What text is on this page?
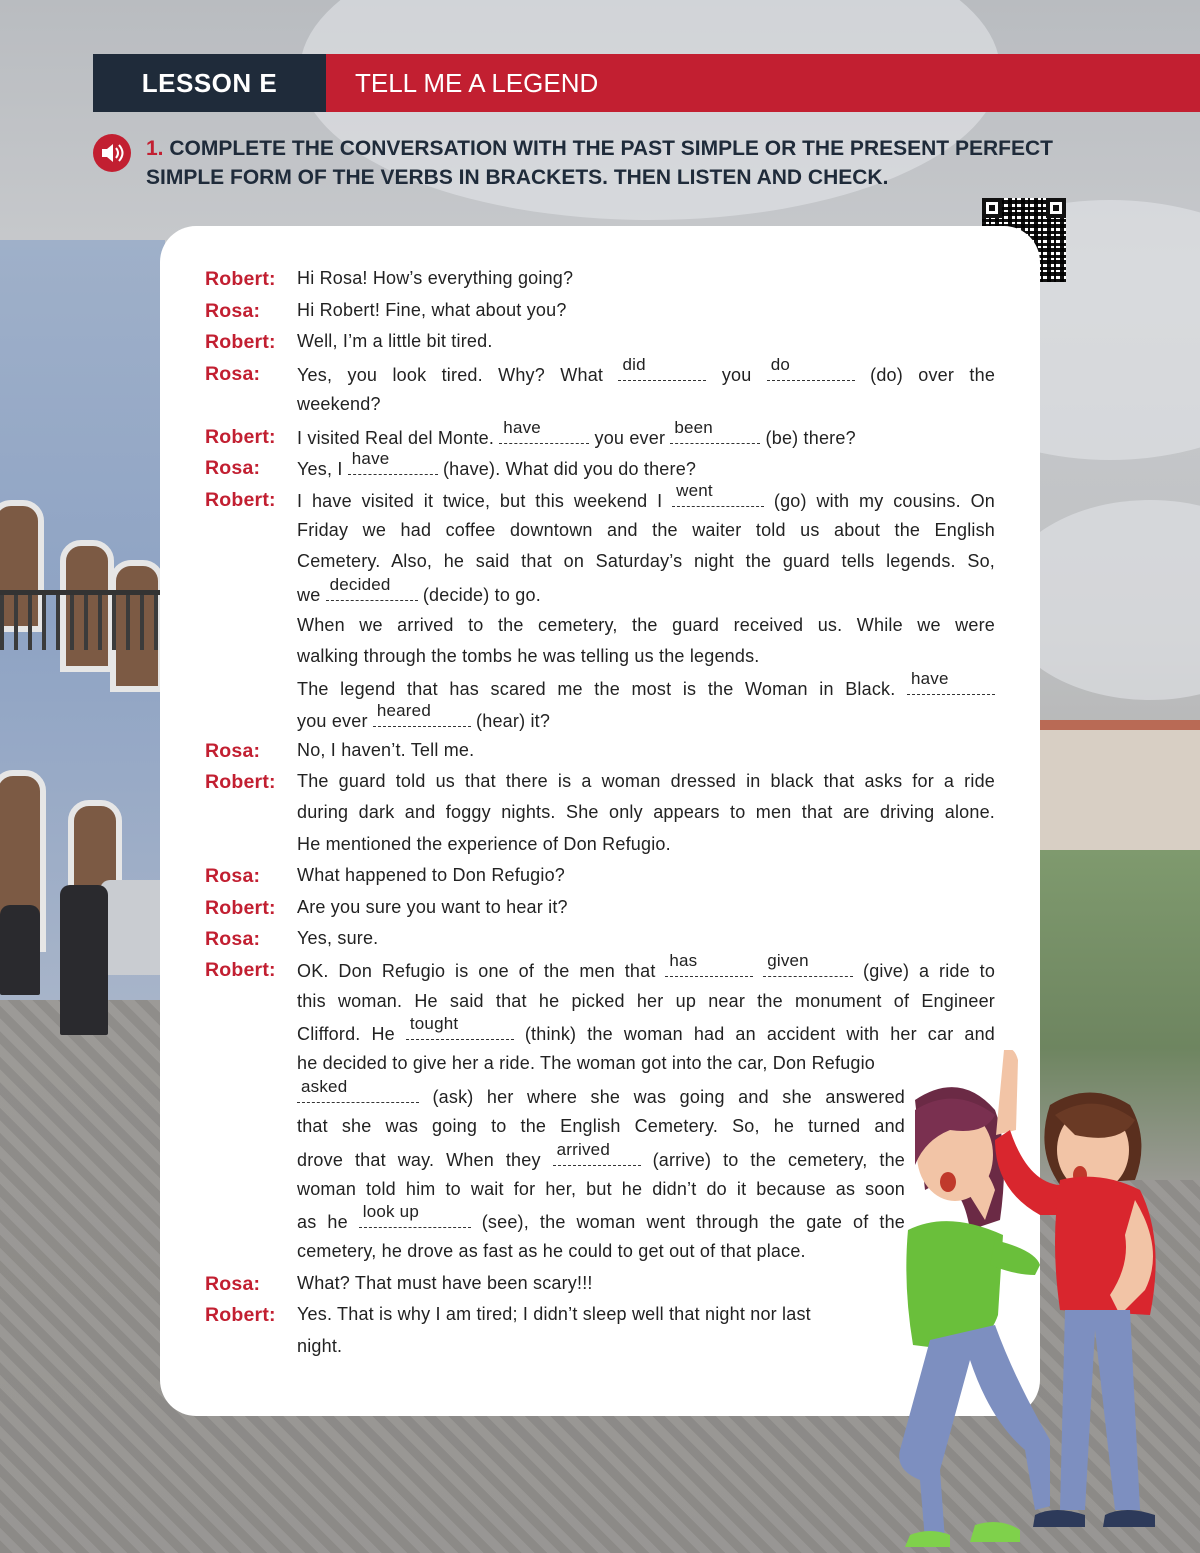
LESSON E	TELL ME A LEGEND
1. COMPLETE THE CONVERSATION WITH THE PAST SIMPLE OR THE PRESENT PERFECT
SIMPLE FORM OF THE VERBS IN BRACKETS. THEN LISTEN AND CHECK.
Robert:	Hi Rosa! How’s everything going?
Rosa:	Hi Robert! Fine, what about you?
Robert:	Well, I’m a little bit tired.
Rosa:	Yes, you look tired. Why? What
did
you
do
(do) over the
weekend?
Robert:	I visited Real del Monte.
have
you ever
been
(be) there?
Rosa:	Yes, I
have
(have). What did you do there?
Robert:	I have visited it twice, but this weekend I
went
(go) with my cousins. On
Friday we had coffee downtown and the waiter told us about the English
Cemetery. Also, he said that on Saturday’s night the guard tells legends. So,
we
decided
(decide) to go.
When we arrived to the cemetery, the guard received us. While we were
walking through the tombs he was telling us the legends.
The legend that has scared me the most is the Woman in Black.
have
you ever
heared
(hear) it?
Rosa:	No, I haven’t. Tell me.
Robert:	The guard told us that there is a woman dressed in black that asks for a ride
during dark and foggy nights. She only appears to men that are driving alone.
He mentioned the experience of Don Refugio.
Rosa:	What happened to Don Refugio?
Robert:	Are you sure you want to hear it?
Rosa:	Yes, sure.
Robert:	OK. Don Refugio is one of the men that
has
	given
(give) a ride to
this woman. He said that he picked her up near the monument of Engineer
Clifford. He
tought
(think) the woman had an accident with her car and
he decided to give her a ride. The woman got into the car, Don Refugio
asked
(ask) her where she was going and she answered
that she was going to the English Cemetery. So, he turned and
drove that way. When they
arrived
(arrive) to the cemetery, the
woman told him to wait for her, but he didn’t do it because as soon
as he
look up
(see), the woman went through the gate of the
cemetery, he drove as fast as he could to get out of that place.
Rosa:	What? That must have been scary!!!
Robert:	Yes. That is why I am tired; I didn’t sleep well that night nor last
night.
